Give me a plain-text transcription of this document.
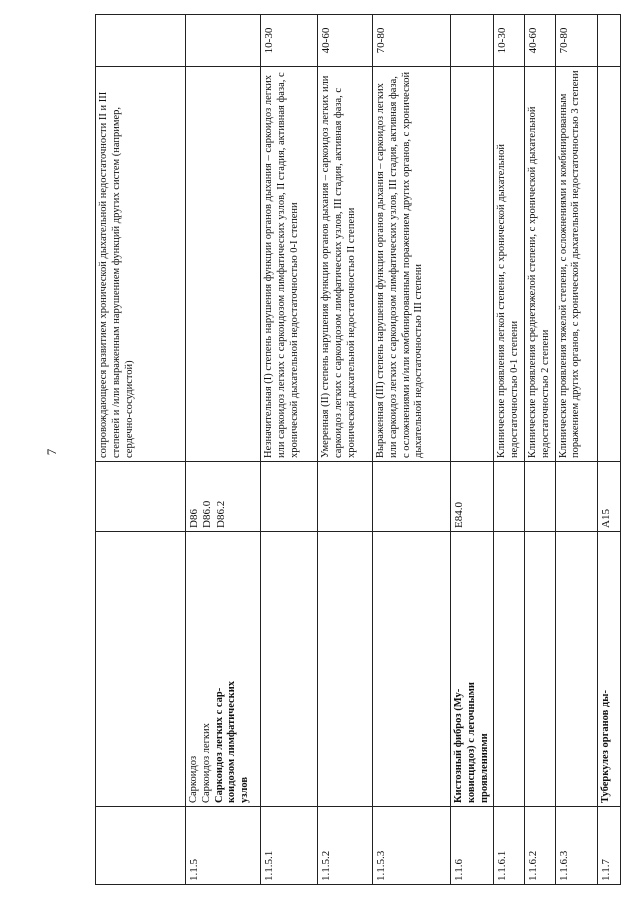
7
				сопровождающееся развитием хронической дыхательной недостаточности II и III степеней и /или выраженным нарушением функций других систем (например, сердечно-сосудистой)	
1.1.5	Саркоидоз Саркоидоз легких Саркоидоз легких с сар- коидозом лимфатических узлов	D86 D86.0 D86.2		

1.1.5.1			Незначительная (I) степень нарушения функции органов дыхания – саркоидоз легких или саркоидоз легких с саркоидозом лимфатических узлов, II стадия, активная фаза, с хронической дыхательной недостаточностью 0-I степени	10-30
1.1.5.2			Умеренная (II) степень нарушения функции органов дыхания – саркоидоз легких или саркоидоз легких с саркоидозом лимфатических узлов, III стадия, активная фаза, с хронической дыхательной недостаточностью II степени	40-60
1.1.5.3			Выраженная (III) степень нарушения функции органов дыхания – саркоидоз легких или саркоидоз легких с саркоидозом лимфатических узлов, III стадия, активная фаза, с осложнениями и/или комбинированным поражением других органов, с хронической дыхательной недостаточностью III степени	70-80
1.1.6	Кистозный фиброз (Му- ковисцидоз) с легочными проявлениями	E84.0		

1.1.6.1			Клинические проявления легкой степени, с хронической дыхательной недостаточностью 0-1 степени	10-30
1.1.6.2			Клинические проявления среднетяжелой степени, с хронической дыхательной недостаточностью 2 степени	40-60
1.1.6.3			Клинические проявления тяжелой степени, с осложнениями и комбинированным поражением других органов, с хронической дыхательной недостаточностью 3 степени	70-80
1.1.7	Туберкулез органов ды-	A15		
